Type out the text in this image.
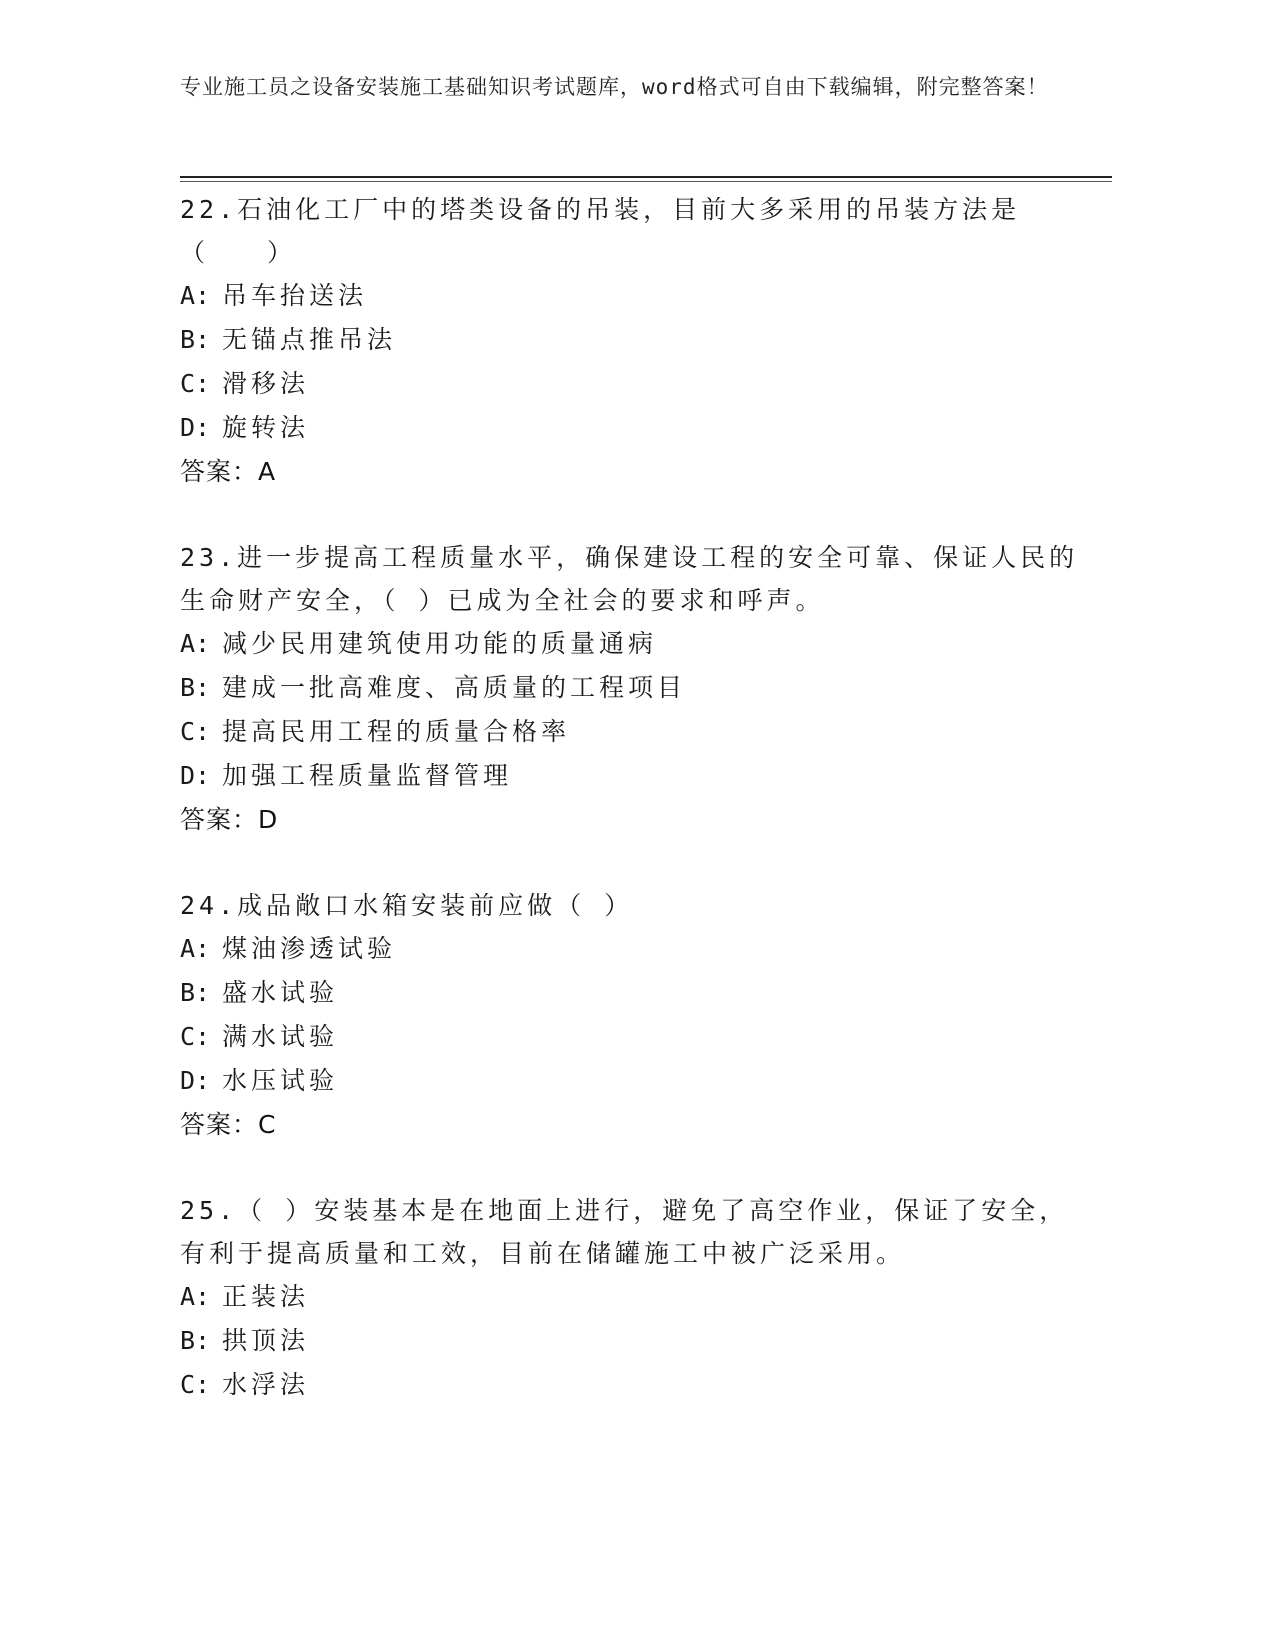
专业施工员之设备安装施工基础知识考试题库，word格式可自由下载编辑，附完整答案！
22.石油化工厂中的塔类设备的吊装，目前大多采用的吊装方法是（　　）
A: 吊车抬送法
B: 无锚点推吊法
C: 滑移法
D: 旋转法
答案：A
23.进一步提高工程质量水平，确保建设工程的安全可靠、保证人民的生命财产安全，（ ）已成为全社会的要求和呼声。
A: 减少民用建筑使用功能的质量通病
B: 建成一批高难度、高质量的工程项目
C: 提高民用工程的质量合格率
D: 加强工程质量监督管理
答案：D
24.成品敞口水箱安装前应做（ ）
A: 煤油渗透试验
B: 盛水试验
C: 满水试验
D: 水压试验
答案：C
25.（ ）安装基本是在地面上进行，避免了高空作业，保证了安全，有利于提高质量和工效，目前在储罐施工中被广泛采用。
A: 正装法
B: 拱顶法
C: 水浮法
